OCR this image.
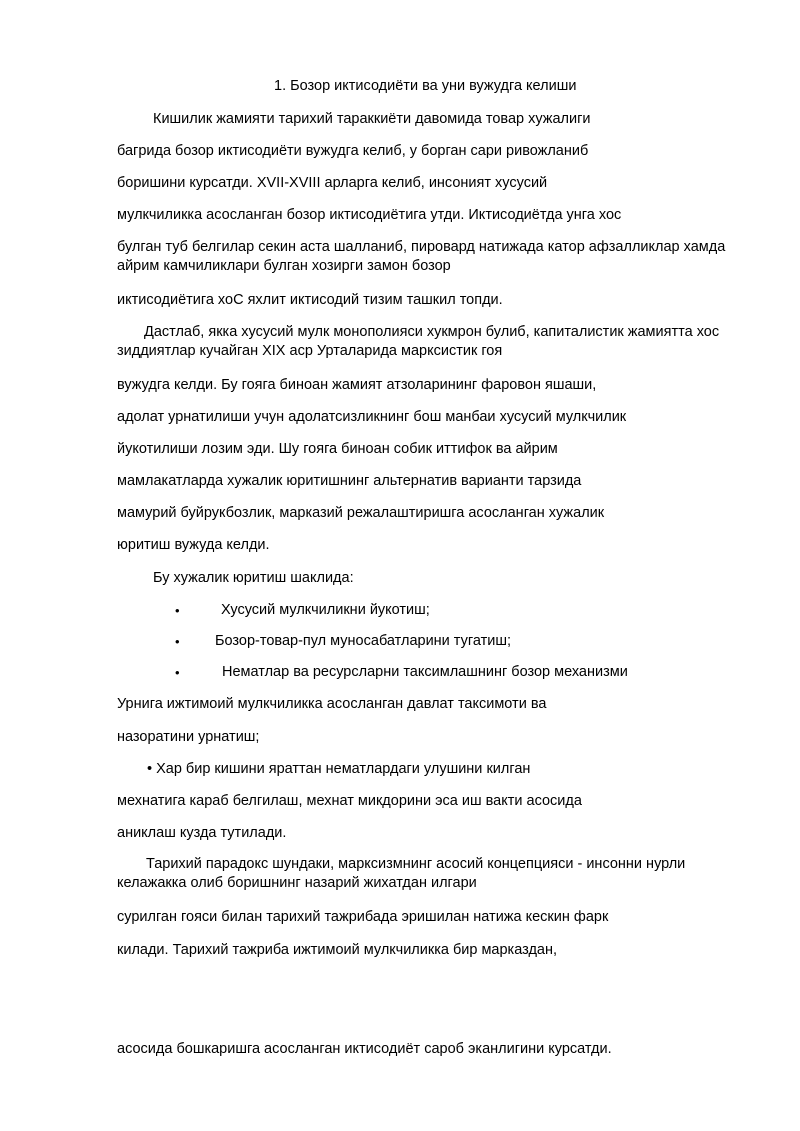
1. Бозор иктисодиёти ва уни вужудга келиши
Кишилик жамияти тарихий тараккиёти давомида товар хужалиги
багрида бозор иктисодиёти вужудга келиб, у борган сари ривожланиб
боришини курсатди. XVII-XVIII арларга келиб, инсоният хусусий
мулкчиликка асосланган бозор иктисодиётига утди. Иктисодиётда унга хос
булган туб белгилар секин аста шалланиб, пировард натижада катор афзалликлар хамда айрим камчиликлари булган хозирги замон бозор
иктисодиётига хоС яхлит иктисодий тизим ташкил топди.
Дастлаб, якка хусусий мулк монополияси хукмрон булиб, капиталистик жамиятта хос зиддиятлар кучайган XIX аср Урталарида марксистик гоя
вужудга келди. Бу гояга биноан жамият атзоларининг фаровон яшаши,
адолат урнатилиши учун адолатсизликнинг бош манбаи хусусий мулкчилик
йукотилиши лозим эди. Шу гояга биноан собик иттифок ва айрим
мамлакатларда хужалик юритишнинг альтернатив варианти тарзида
мамурий буйрукбозлик, марказий режалаштиришга асосланган хужалик
юритиш вужуда келди.
Бу хужалик юритиш шаклида:
•	Хусусий мулкчиликни йукотиш;
• Бозор-товар-пул муносабатларини тугатиш;
•	Нематлар ва ресурсларни таксимлашнинг бозор механизми
Урнига ижтимоий мулкчиликка асосланган давлат таксимоти ва
назоратини урнатиш;
• Хар бир кишини яраттан нематлардаги улушини килган
мехнатига караб белгилаш, мехнат микдорини эса иш вакти асосида
аниклаш кузда тутилади.
Тарихий парадокс шундаки, марксизмнинг асосий концепцияси - инсонни нурли келажакка олиб боришнинг назарий жихатдан илгари
сурилган гояси билан тарихий тажрибада эришилан натижа кескин фарк
килади. Тарихий тажриба ижтимоий мулкчиликка бир марказдан,
асосида бошкаришга асосланган иктисодиёт сароб эканлигини курсатди.
